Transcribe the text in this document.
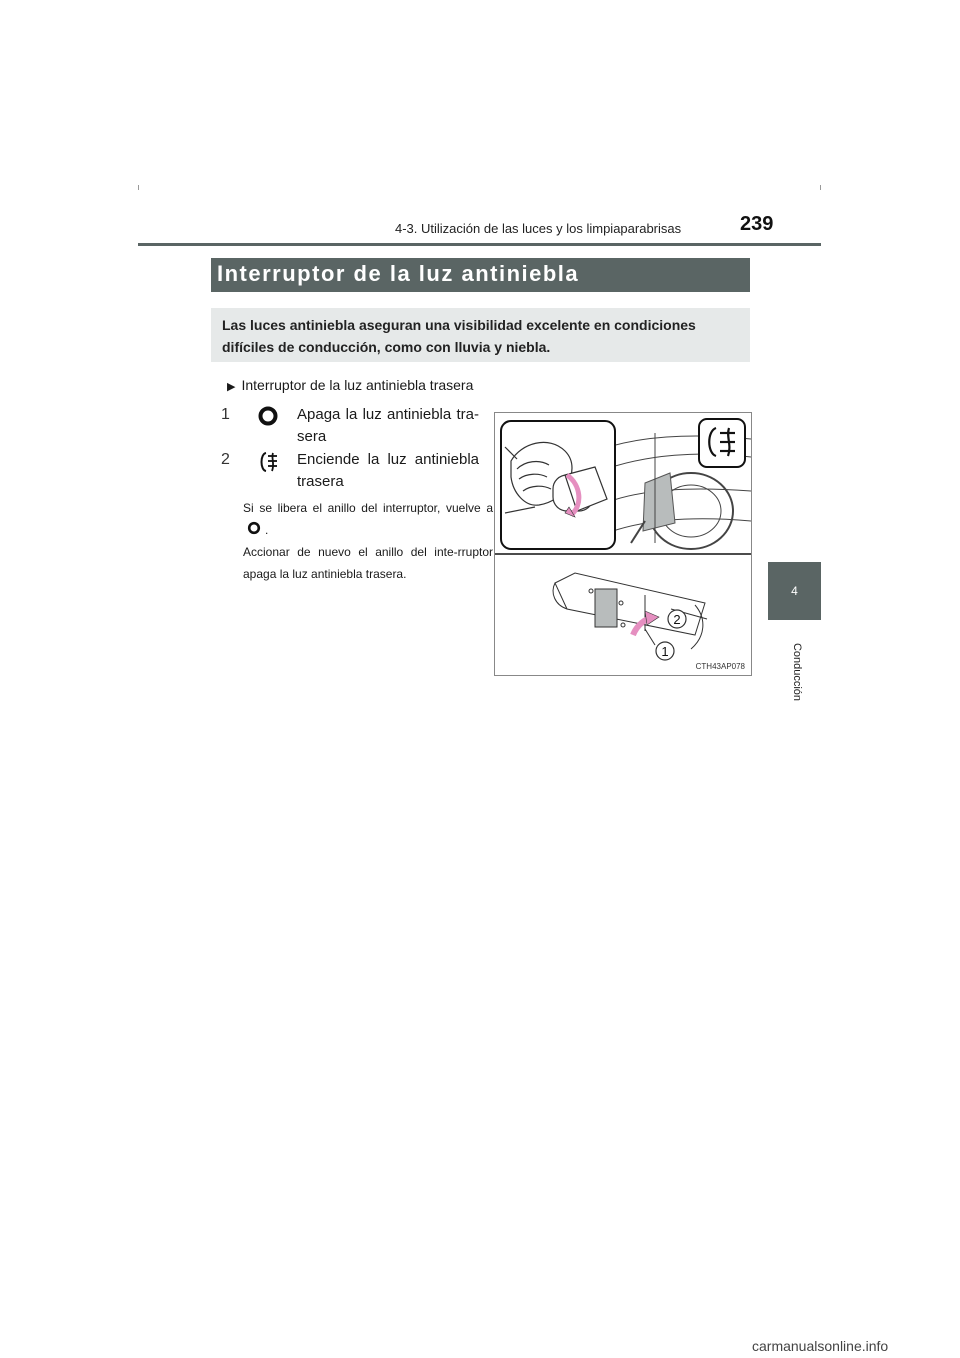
4-3. Utilización de las luces y los limpiaparabrisas	239
4
Conducción
Interruptor de la luz antiniebla
Las luces antiniebla aseguran una visibilidad excelente en condiciones difíciles de conducción, como con lluvia y niebla.
▶ Interruptor de la luz antiniebla trasera
1	Apaga la luz antiniebla tra-sera
2	Enciende la luz antiniebla trasera
Si se libera el anillo del interruptor, vuelve a .
Accionar de nuevo el anillo del inte-rruptor apaga la luz antiniebla trasera.
2
1
CTH43AP078
carmanualsonline.info
